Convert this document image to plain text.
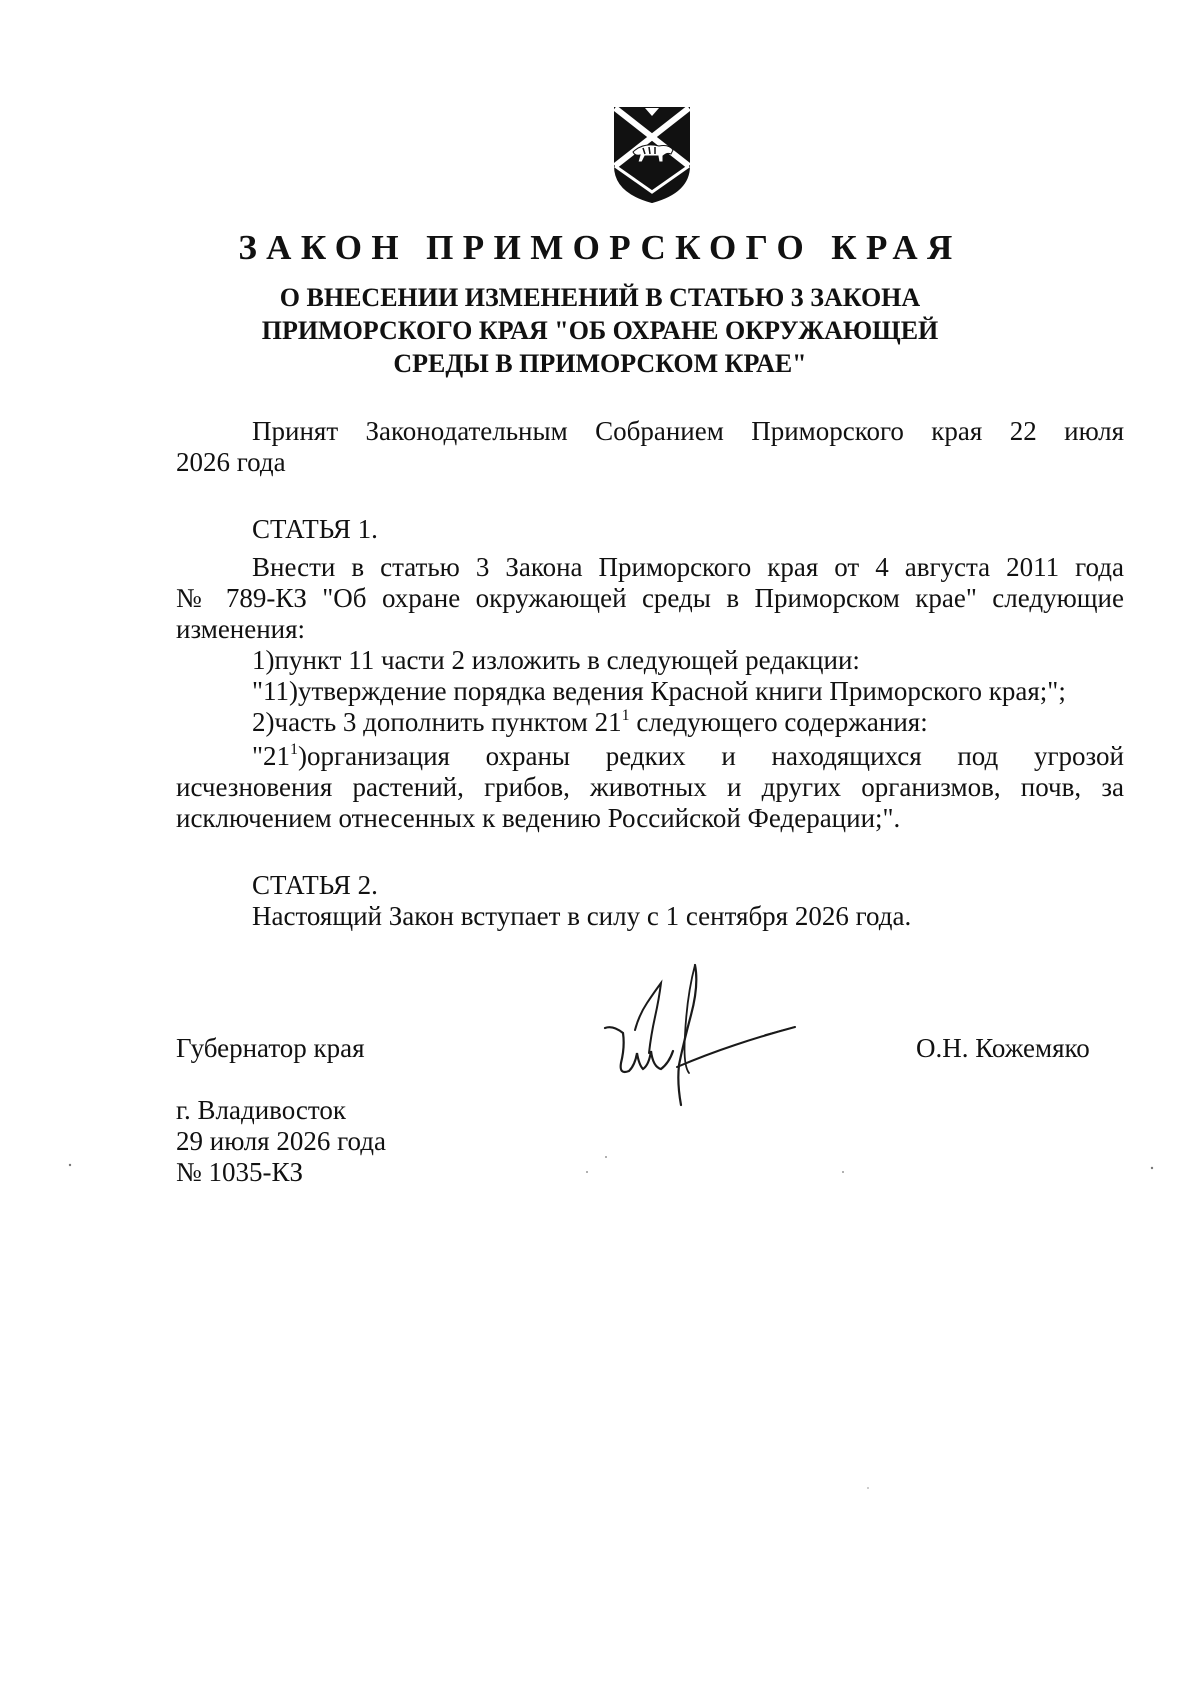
ЗАКОН ПРИМОРСКОГО КРАЯ
О ВНЕСЕНИИ ИЗМЕНЕНИЙ В СТАТЬЮ 3 ЗАКОНА
ПРИМОРСКОГО КРАЯ "ОБ ОХРАНЕ ОКРУЖАЮЩЕЙ
СРЕДЫ В ПРИМОРСКОМ КРАЕ"
Принят Законодательным Собранием Приморского края 22 июля
2026 года
СТАТЬЯ 1.
Внести в статью 3 Закона Приморского края от 4 августа 2011 года
№ 789-КЗ "Об охране окружающей среды в Приморском крае" следующие
изменения:
1)пункт 11 части 2 изложить в следующей редакции:
"11)утверждение порядка ведения Красной книги Приморского края;";
2)часть 3 дополнить пунктом $21^1$ следующего содержания:
"$21^1)организация$ охраны редких и находящихся под угрозой
исчезновения растений, грибов, животных и других организмов, почв, за
исключением отнесенных к ведению Российской Федерации;".
СТАТЬЯ 2.
Настоящий Закон вступает в силу с 1 сентября 2026 года.
Губернатор края	О.Н. Кожемяко
г. Владивосток
29 июля 2026 года
№ 1035-КЗ
